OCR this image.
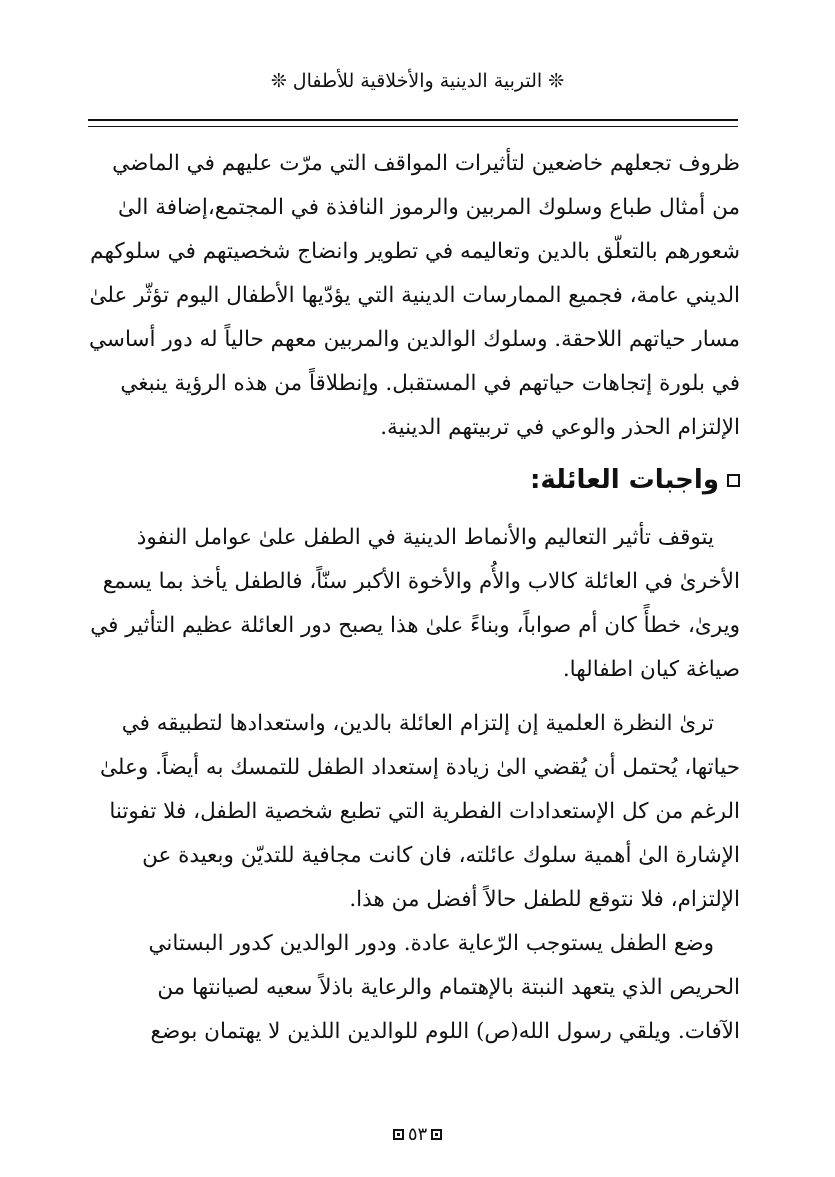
❊ التربية الدينية والأخلاقية للأطفال ❊

ظروف تجعلهم خاضعين لتأثيرات المواقف التي مرّت عليهم في الماضي

من أمثال طباع وسلوك المربين والرموز النافذة في المجتمع،إضافة الىٰ

شعورهم بالتعلّق بالدين وتعاليمه في تطوير وانضاج شخصيتهم في سلوكهم

الديني عامة، فجميع الممارسات الدينية التي يؤدّيها الأطفال اليوم تؤثّر علىٰ

مسار حياتهم اللاحقة. وسلوك الوالدين والمربين معهم حالياً له دور أساسي

في بلورة إتجاهات حياتهم في المستقبل. وإنطلاقاً من هذه الرؤية ينبغي

الإلتزام الحذر والوعي في تربيتهم الدينية.

واجبات العائلة:

يتوقف تأثير التعاليم والأنماط الدينية في الطفل علىٰ عوامل النفوذ

الأخرىٰ في العائلة كالاب والأُم والأخوة الأكبر سنّاً، فالطفل يأخذ بما يسمع

ويرىٰ، خطأً كان أم صواباً، وبناءً علىٰ هذا يصبح دور العائلة عظيم التأثير في

صياغة كيان اطفالها.

ترىٰ النظرة العلمية إن إلتزام العائلة بالدين، واستعدادها لتطبيقه في

حياتها، يُحتمل أن يُقضي الىٰ زيادة إستعداد الطفل للتمسك به أيضاً. وعلىٰ

الرغم من كل الإستعدادات الفطرية التي تطبع شخصية الطفل، فلا تفوتنا

الإشارة الىٰ أهمية سلوك عائلته، فان كانت مجافية للتديّن وبعيدة عن

الإلتزام، فلا نتوقع للطفل حالاً أفضل من هذا.

وضع الطفل يستوجب الرّعاية عادة. ودور الوالدين كدور البستاني

الحريص الذي يتعهد النبتة بالإهتمام والرعاية باذلاً سعيه لصيانتها من

الآفات. ويلقي رسول الله(ص) اللوم للوالدين اللذين لا يهتمان بوضع

٥٣
